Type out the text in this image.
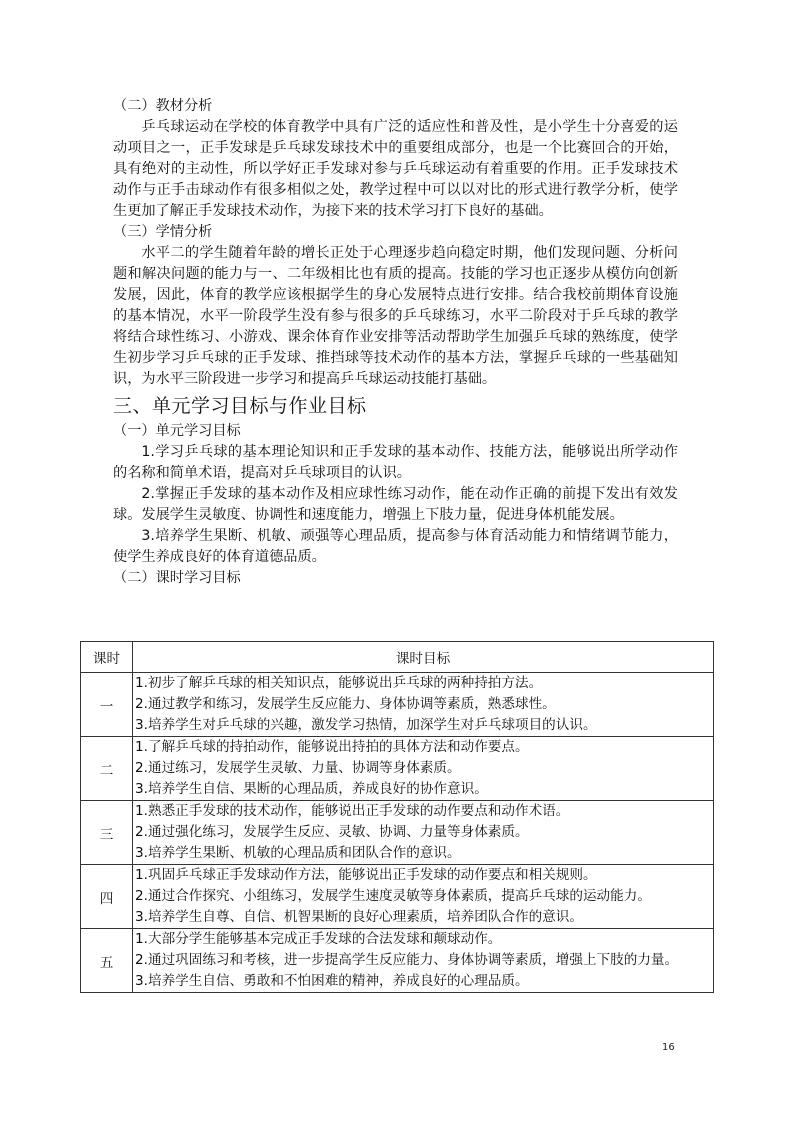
（二）教材分析

乒乓球运动在学校的体育教学中具有广泛的适应性和普及性，是小学生十分喜爱的运动项目之一，正手发球是乒乓球发球技术中的重要组成部分，也是一个比赛回合的开始，具有绝对的主动性，所以学好正手发球对参与乒乓球运动有着重要的作用。正手发球技术动作与正手击球动作有很多相似之处，教学过程中可以以对比的形式进行教学分析，使学生更加了解正手发球技术动作，为接下来的技术学习打下良好的基础。

（三）学情分析

水平二的学生随着年龄的增长正处于心理逐步趋向稳定时期，他们发现问题、分析问题和解决问题的能力与一、二年级相比也有质的提高。技能的学习也正逐步从模仿向创新发展，因此，体育的教学应该根据学生的身心发展特点进行安排。结合我校前期体育设施的基本情况，水平一阶段学生没有参与很多的乒乓球练习，水平二阶段对于乒乓球的教学将结合球性练习、小游戏、课余体育作业安排等活动帮助学生加强乒乓球的熟练度，使学生初步学习乒乓球的正手发球、推挡球等技术动作的基本方法，掌握乒乓球的一些基础知识，为水平三阶段进一步学习和提高乒乓球运动技能打基础。

三、单元学习目标与作业目标

（一）单元学习目标

1.学习乒乓球的基本理论知识和正手发球的基本动作、技能方法，能够说出所学动作的名称和简单术语，提高对乒乓球项目的认识。

2.掌握正手发球的基本动作及相应球性练习动作，能在动作正确的前提下发出有效发球。发展学生灵敏度、协调性和速度能力，增强上下肢力量，促进身体机能发展。

3.培养学生果断、机敏、顽强等心理品质，提高参与体育活动能力和情绪调节能力，使学生养成良好的体育道德品质。

（二）课时学习目标

课时	课时目标
一	1.初步了解乒乓球的相关知识点，能够说出乒乓球的两种持拍方法。
2.通过教学和练习，发展学生反应能力、身体协调等素质，熟悉球性。
3.培养学生对乒乓球的兴趣，激发学习热情，加深学生对乒乓球项目的认识。

二	1.了解乒乓球的持拍动作，能够说出持拍的具体方法和动作要点。
2.通过练习，发展学生灵敏、力量、协调等身体素质。
3.培养学生自信、果断的心理品质，养成良好的协作意识。

三	1.熟悉正手发球的技术动作，能够说出正手发球的动作要点和动作术语。
2.通过强化练习，发展学生反应、灵敏、协调、力量等身体素质。
3.培养学生果断、机敏的心理品质和团队合作的意识。

四	1.巩固乒乓球正手发球动作方法，能够说出正手发球的动作要点和相关规则。
2.通过合作探究、小组练习，发展学生速度灵敏等身体素质，提高乒乓球的运动能力。
3.培养学生自尊、自信、机智果断的良好心理素质，培养团队合作的意识。

五	1.大部分学生能够基本完成正手发球的合法发球和颠球动作。
2.通过巩固练习和考核，进一步提高学生反应能力、身体协调等素质，增强上下肢的力量。
3.培养学生自信、勇敢和不怕困难的精神，养成良好的心理品质。
16
